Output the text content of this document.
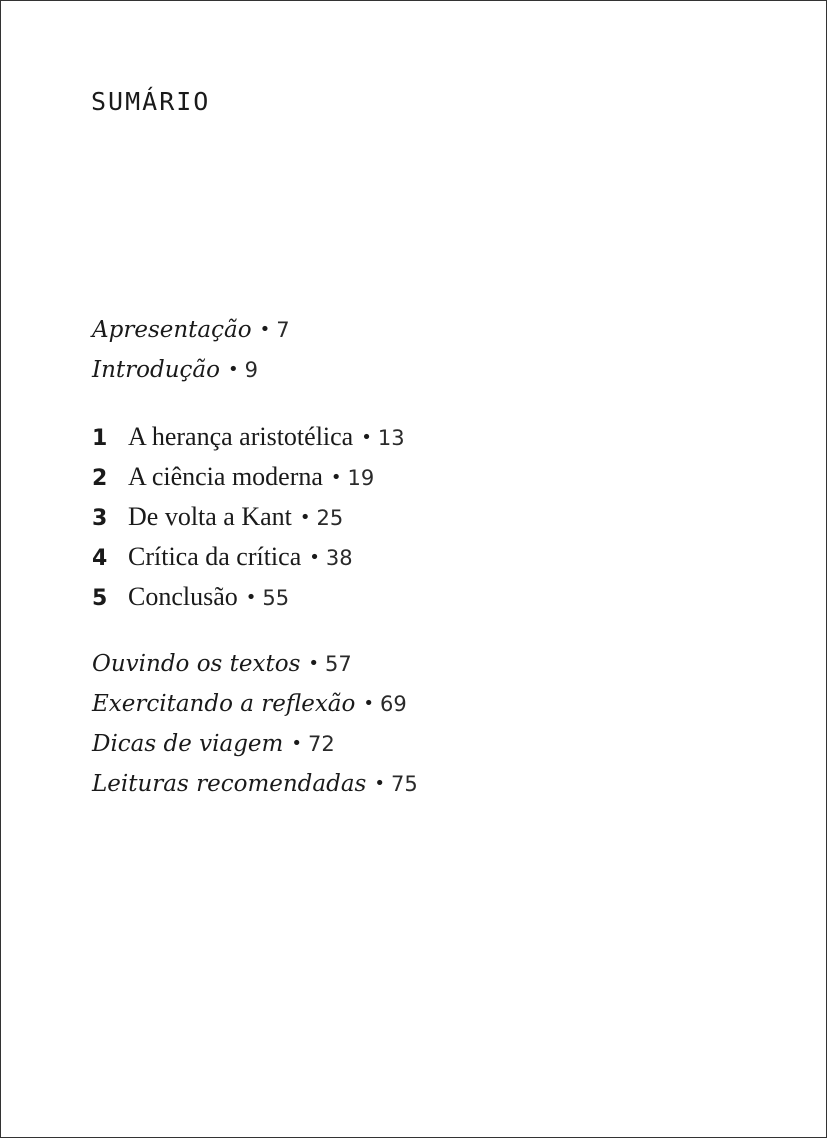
SUMÁRIO
Apresentação • 7
Introdução • 9
1 A herança aristotélica • 13
2 A ciência moderna • 19
3 De volta a Kant • 25
4 Crítica da crítica • 38
5 Conclusão • 55
Ouvindo os textos • 57
Exercitando a reflexão • 69
Dicas de viagem • 72
Leituras recomendadas • 75
